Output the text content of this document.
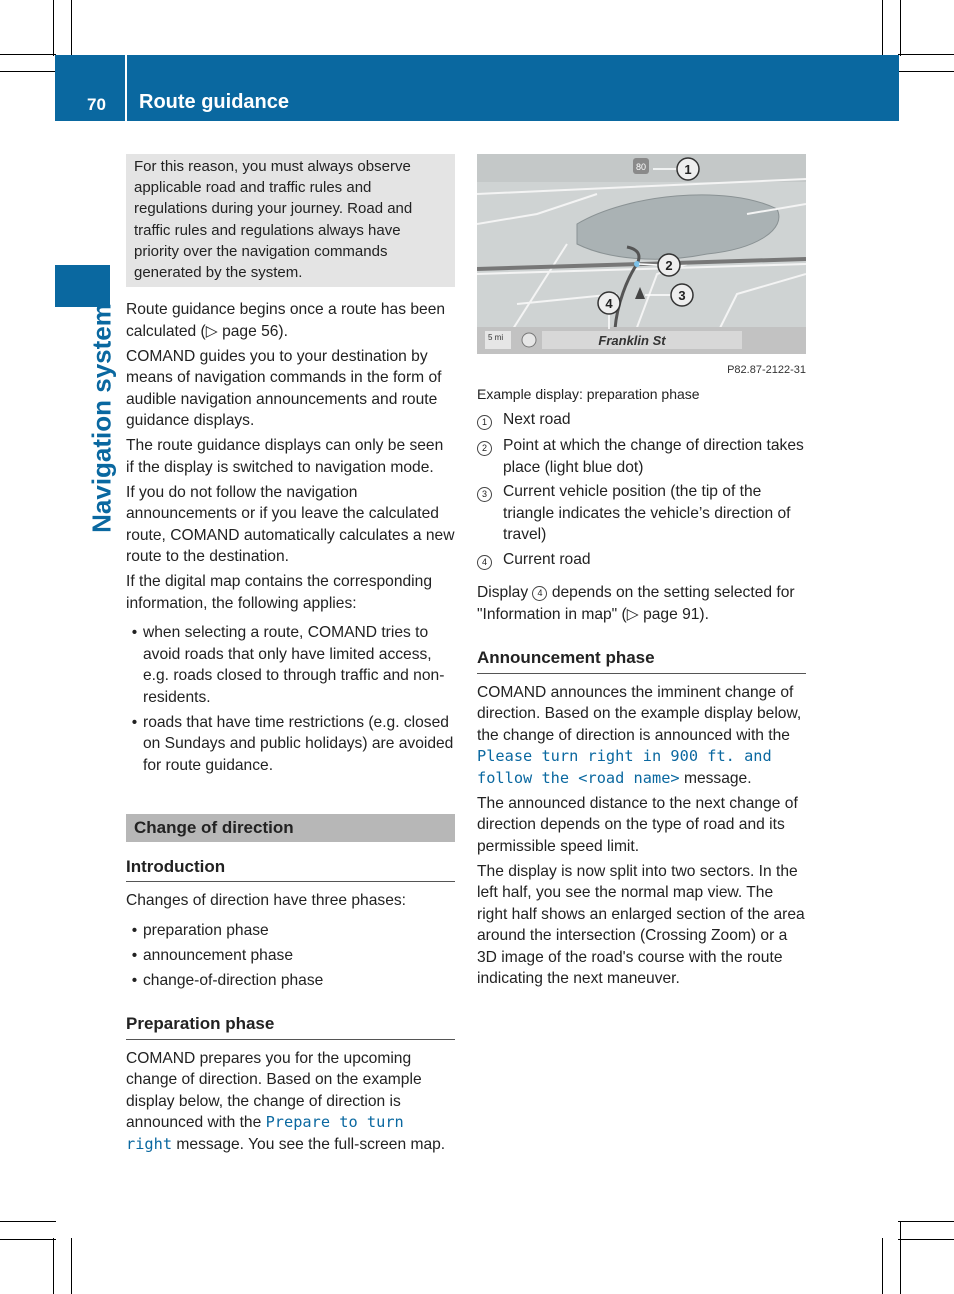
70 Route guidance
Navigation system
For this reason, you must always observe applicable road and traffic rules and regulations during your journey. Road and traffic rules and regulations always have priority over the navigation commands generated by the system.

Route guidance begins once a route has been calculated (▷ page 56).

COMAND guides you to your destination by means of navigation commands in the form of audible navigation announcements and route guidance displays.

The route guidance displays can only be seen if the display is switched to navigation mode.

If you do not follow the navigation announcements or if you leave the calculated route, COMAND automatically calculates a new route to the destination.

If the digital map contains the corresponding information, the following applies:

• when selecting a route, COMAND tries to avoid roads that only have limited access, e.g. roads closed to through traffic and non-residents.
• roads that have time restrictions (e.g. closed on Sundays and public holidays) are avoided for route guidance.
Change of direction
Introduction

Changes of direction have three phases:

• preparation phase
• announcement phase
• change-of-direction phase
Preparation phase

COMAND prepares you for the upcoming change of direction. Based on the example display below, the change of direction is announced with the Prepare to turn right message. You see the full-screen map.

80
5 mi	Franklin St
1
2
3
4
P82.87-2122-31
Example display: preparation phase
1	Next road
2	Point at which the change of direction takes place (light blue dot)
3	Current vehicle position (the tip of the triangle indicates the vehicle’s direction of travel)
4	Current road

Display 4 depends on the setting selected for "Information in map" (▷ page 91).

Announcement phase

COMAND announces the imminent change of direction. Based on the example display below, the change of direction is announced with the Please turn right in 900 ft. and follow the <road name> message.

The announced distance to the next change of direction depends on the type of road and its permissible speed limit.

The display is now split into two sectors. In the left half, you see the normal map view. The right half shows an enlarged section of the area around the intersection (Crossing Zoom) or a 3D image of the road's course with the route indicating the next maneuver.
